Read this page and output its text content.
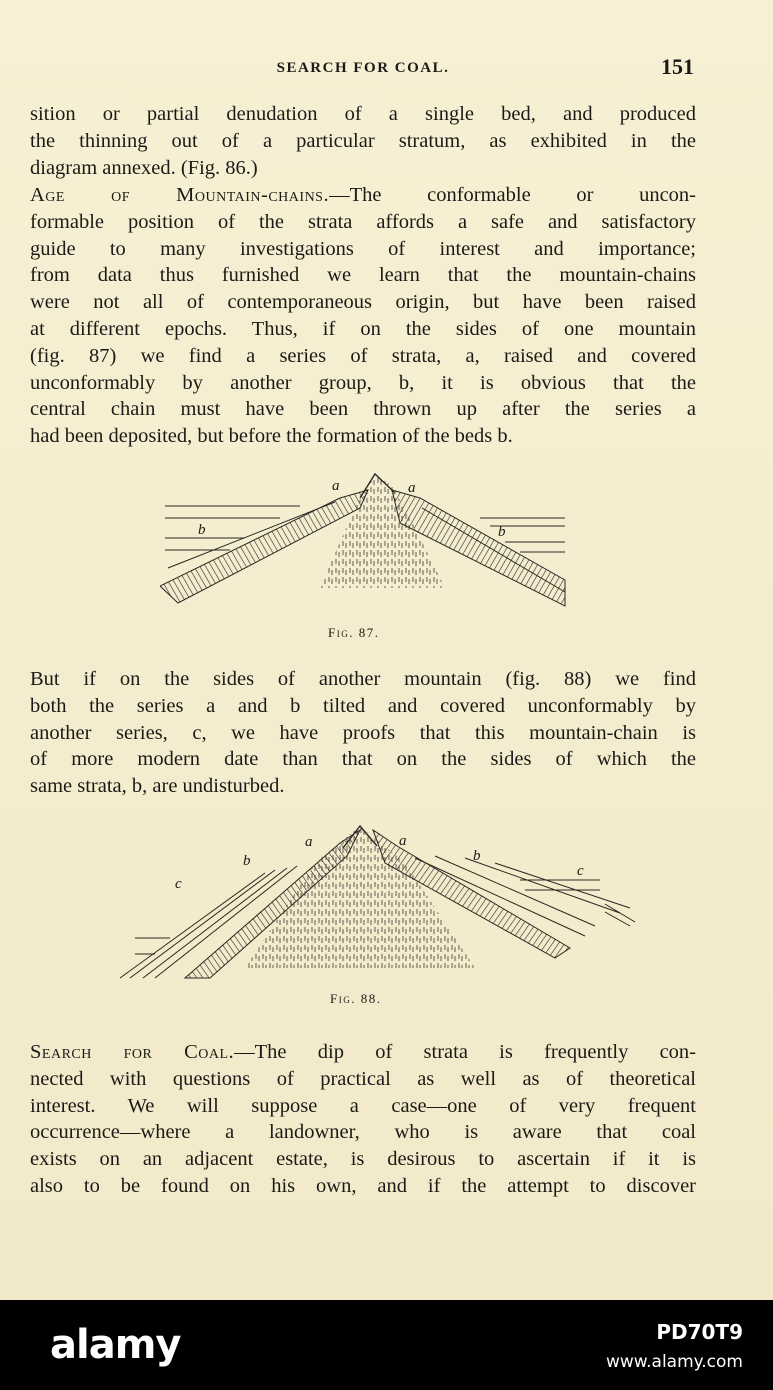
SEARCH FOR COAL.	151
sition or partial denudation of a single bed, and produced
the thinning out of a particular stratum, as exhibited in the
diagram annexed. (Fig. 86.)
Age of Mountain-chains.—The conformable or uncon-
formable position of the strata affords a safe and satisfactory
guide to many investigations of interest and importance;
from data thus furnished we learn that the mountain-chains
were not all of contemporaneous origin, but have been raised
at different epochs. Thus, if on the sides of one mountain
(fig. 87) we find a series of strata, a, raised and covered
unconformably by another group, b, it is obvious that the
central chain must have been thrown up after the series a
had been deposited, but before the formation of the beds b.
a	a
b	b
Fig. 87.
But if on the sides of another mountain (fig. 88) we find
both the series a and b tilted and covered unconformably by
another series, c, we have proofs that this mountain-chain is
of more modern date than that on the sides of which the
same strata, b, are undisturbed.
a	a
b	b
c
c
Fig. 88.
Search for Coal.—The dip of strata is frequently con-
nected with questions of practical as well as of theoretical
interest. We will suppose a case—one of very frequent
occurrence—where a landowner, who is aware that coal
exists on an adjacent estate, is desirous to ascertain if it is
also to be found on his own, and if the attempt to discover
alamy	PD70T9
www.alamy.com
